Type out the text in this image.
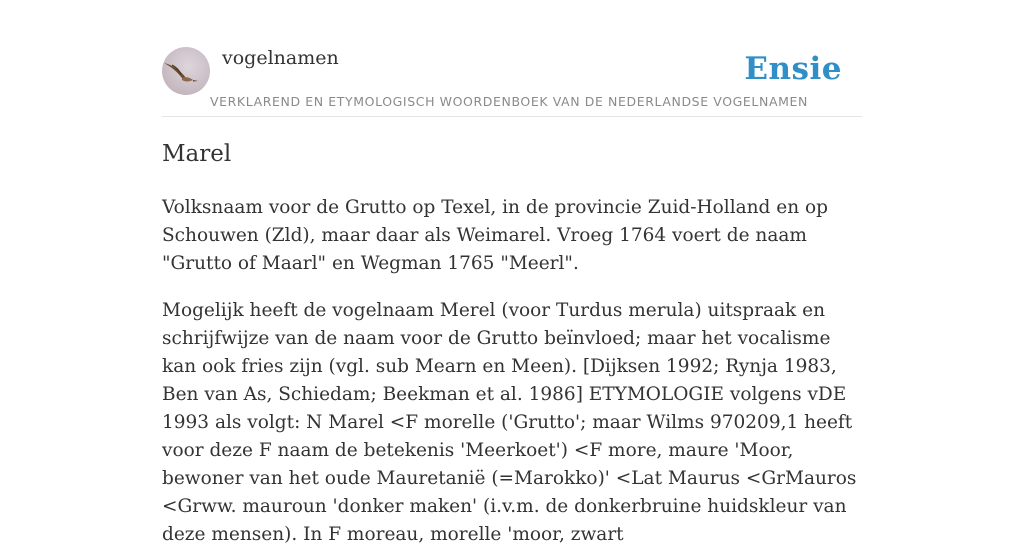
vogelnamen	Ensie
VERKLAREND EN ETYMOLOGISCH WOORDENBOEK VAN DE NEDERLANDSE VOGELNAMEN
Marel

Volksnaam voor de Grutto op Texel, in de provincie Zuid-Holland en op Schouwen (Zld), maar daar als Weimarel. Vroeg 1764 voert de naam "Grutto of Maarl" en Wegman 1765 "Meerl".

Mogelijk heeft de vogelnaam Merel (voor Turdus merula) uitspraak en schrijfwijze van de naam voor de Grutto beïnvloed; maar het vocalisme kan ook fries zijn (vgl. sub Mearn en Meen). [Dijksen 1992; Rynja 1983, Ben van As, Schiedam; Beekman et al. 1986] ETYMOLOGIE volgens vDE 1993 als volgt: N Marel <F morelle ('Grutto'; maar Wilms 970209,1 heeft voor deze F naam de betekenis 'Meerkoet') <F more, maure 'Moor, bewoner van het oude Mauretanië (=Marokko)' <Lat Maurus <GrMauros <Grww. mauroun 'donker maken' (i.v.m. de donkerbruine huidskleur van deze mensen). In F moreau, morelle 'moor, zwart
